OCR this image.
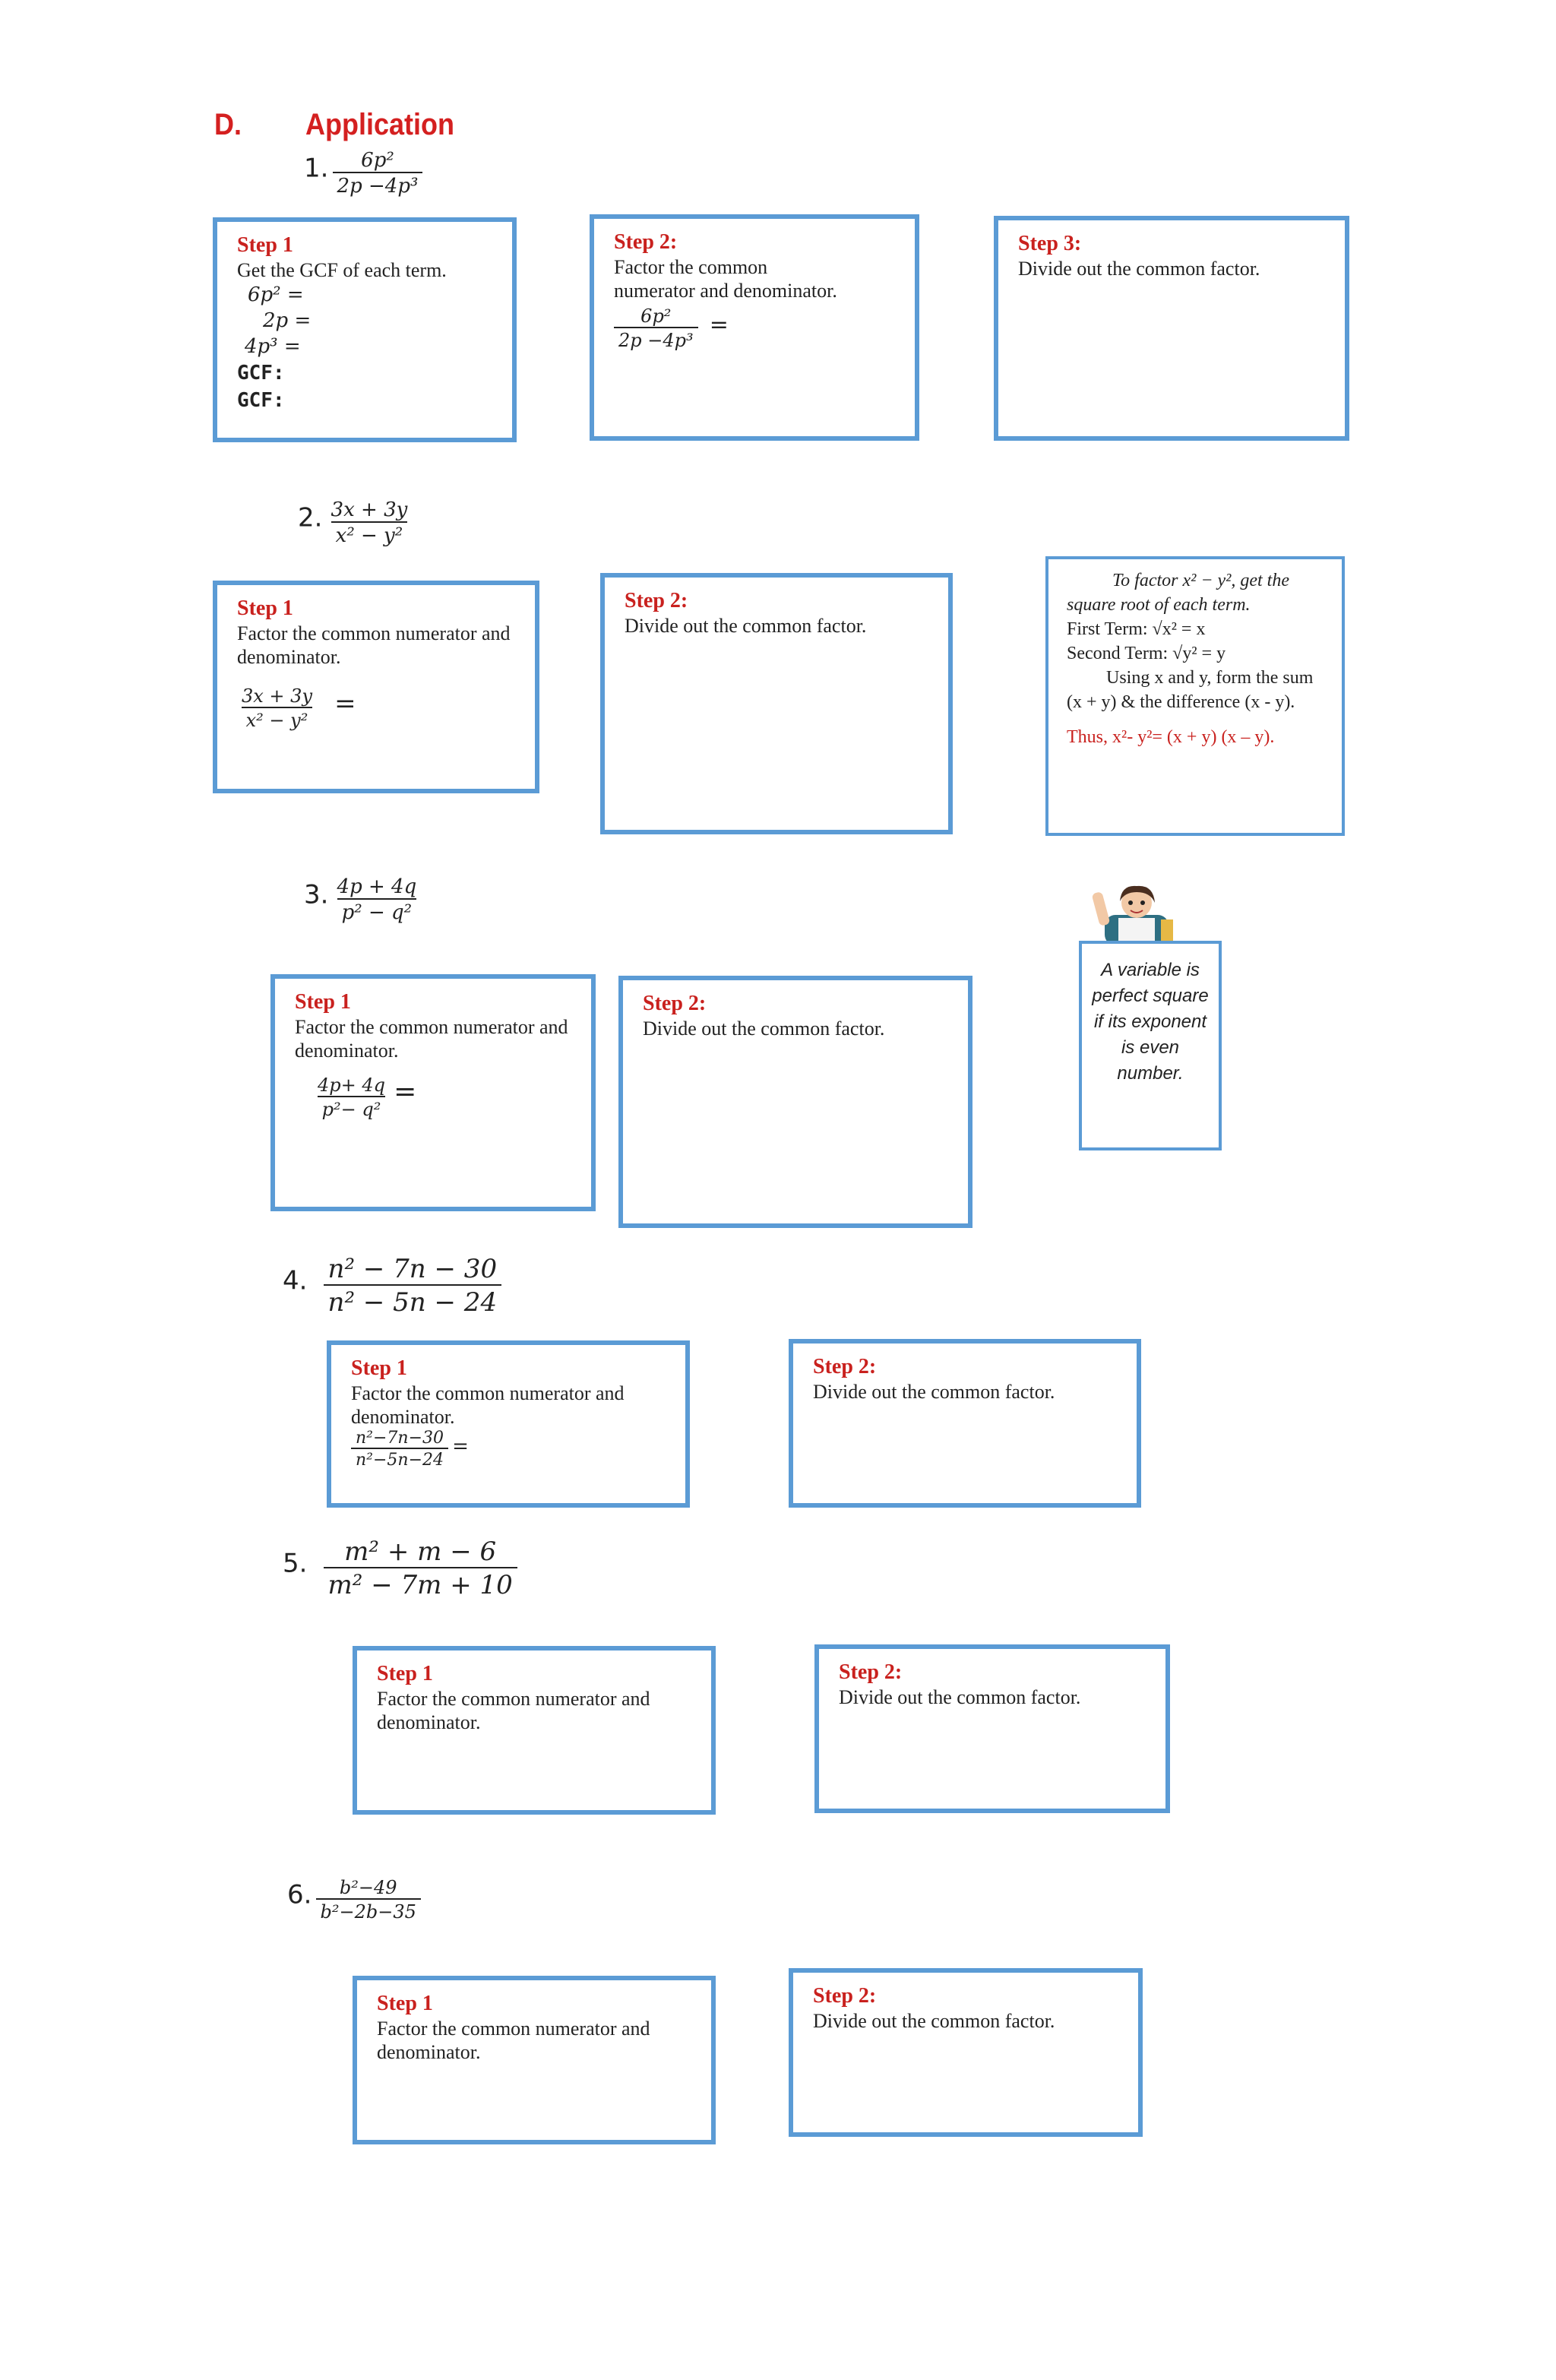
D. Application
1. $\frac{\text{6p²}}{\text{2p −4p³}}$
Step 1
Get the GCF of each term.
6p² =
2p =
4p³ =
GCF:
GCF:
Step 2:
Factor the common numerator and denominator.
$\frac{\text{6p²}}{\text{2p −4p³}}$ =
Step 3:
Divide out the common factor.
2. $\frac{3x + 3y}{\text{x² − y²}}$
Step 1
Factor the common numerator and denominator.
$\frac{3x + 3y}{\text{x² − y²}}$ =
Step 2:
Divide out the common factor.
To factor x² − y², get the square root of each term.
First Term: √x² = x
Second Term: √y² = y
Using x and y, form the sum (x + y) & the difference (x - y).
Thus, x²- y²= (x + y) (x – y).
3. $\frac{4p + 4q}{\text{p² − q²}}$
Step 1
Factor the common numerator and denominator.
$\frac{4p+ 4q}{\text{p²− q²}}$ =
Step 2:
Divide out the common factor.
A variable is perfect square if its exponent is even number.
4. $\frac{\text{n² − 7n − 30}}{\text{n² − 5n − 24}}$
Step 1
Factor the common numerator and denominator.
$\frac{\text{n²−7n−30}}{\text{n²−5n−24}}$ =
Step 2:
Divide out the common factor.
5. $\frac{\text{m² + m − 6}}{\text{m² − 7m + 10}}$
Step 1
Factor the common numerator and denominator.
Step 2:
Divide out the common factor.
6. $\frac{\text{b²−49}}{\text{b²−2b−35}}$
Step 1
Factor the common numerator and denominator.
Step 2:
Divide out the common factor.
